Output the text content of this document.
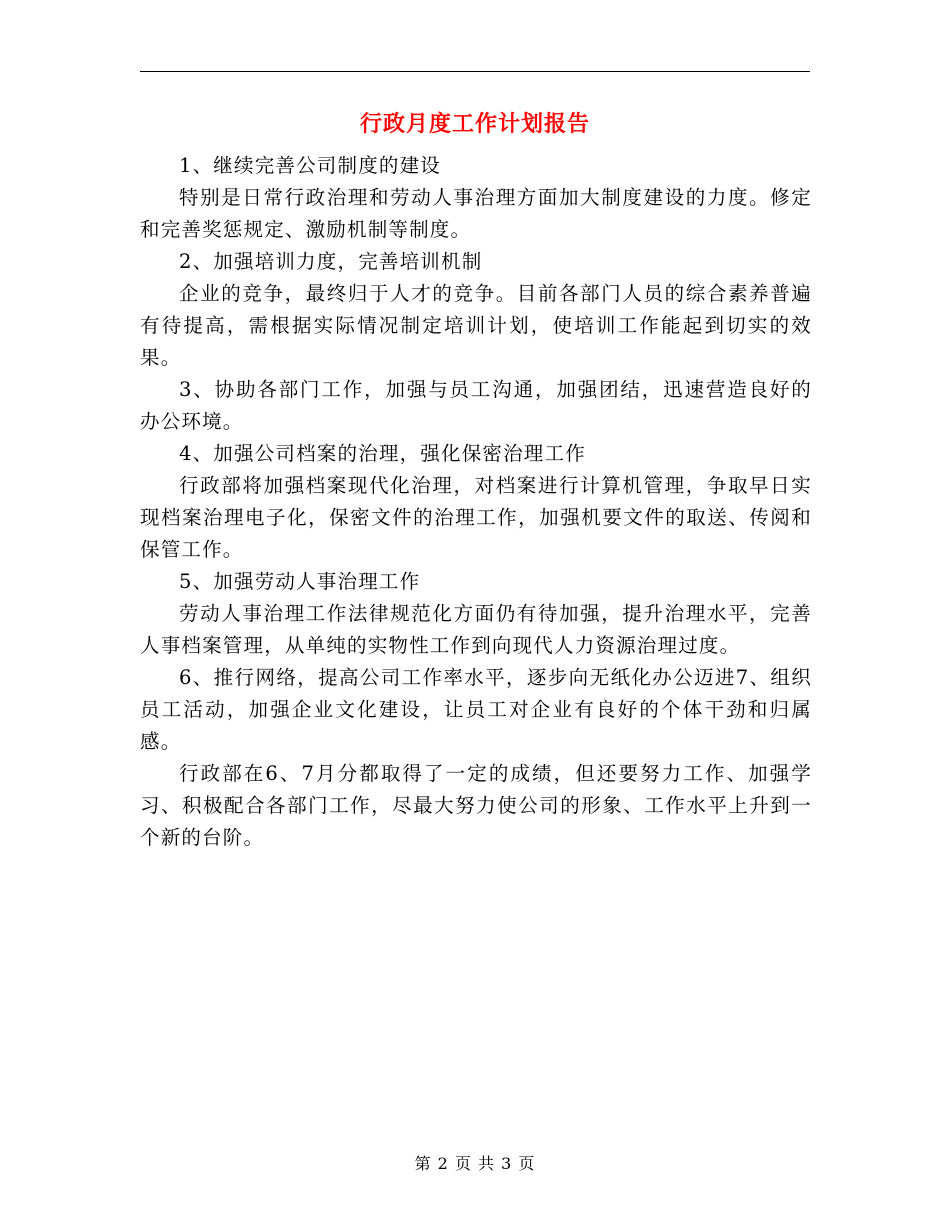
行政月度工作计划报告

1、继续完善公司制度的建设

特别是日常行政治理和劳动人事治理方面加大制度建设的力度。修定和完善奖惩规定、激励机制等制度。

2、加强培训力度，完善培训机制

企业的竞争，最终归于人才的竞争。目前各部门人员的综合素养普遍有待提高，需根据实际情况制定培训计划，使培训工作能起到切实的效果。

3、协助各部门工作，加强与员工沟通，加强团结，迅速营造良好的办公环境。

4、加强公司档案的治理，强化保密治理工作

行政部将加强档案现代化治理，对档案进行计算机管理，争取早日实现档案治理电子化，保密文件的治理工作，加强机要文件的取送、传阅和保管工作。

5、加强劳动人事治理工作

劳动人事治理工作法律规范化方面仍有待加强，提升治理水平，完善人事档案管理，从单纯的实物性工作到向现代人力资源治理过度。

6、推行网络，提高公司工作率水平，逐步向无纸化办公迈进7、组织员工活动，加强企业文化建设，让员工对企业有良好的个体干劲和归属感。

行政部在6、7月分都取得了一定的成绩，但还要努力工作、加强学习、积极配合各部门工作，尽最大努力使公司的形象、工作水平上升到一个新的台阶。

第 2 页 共 3 页
